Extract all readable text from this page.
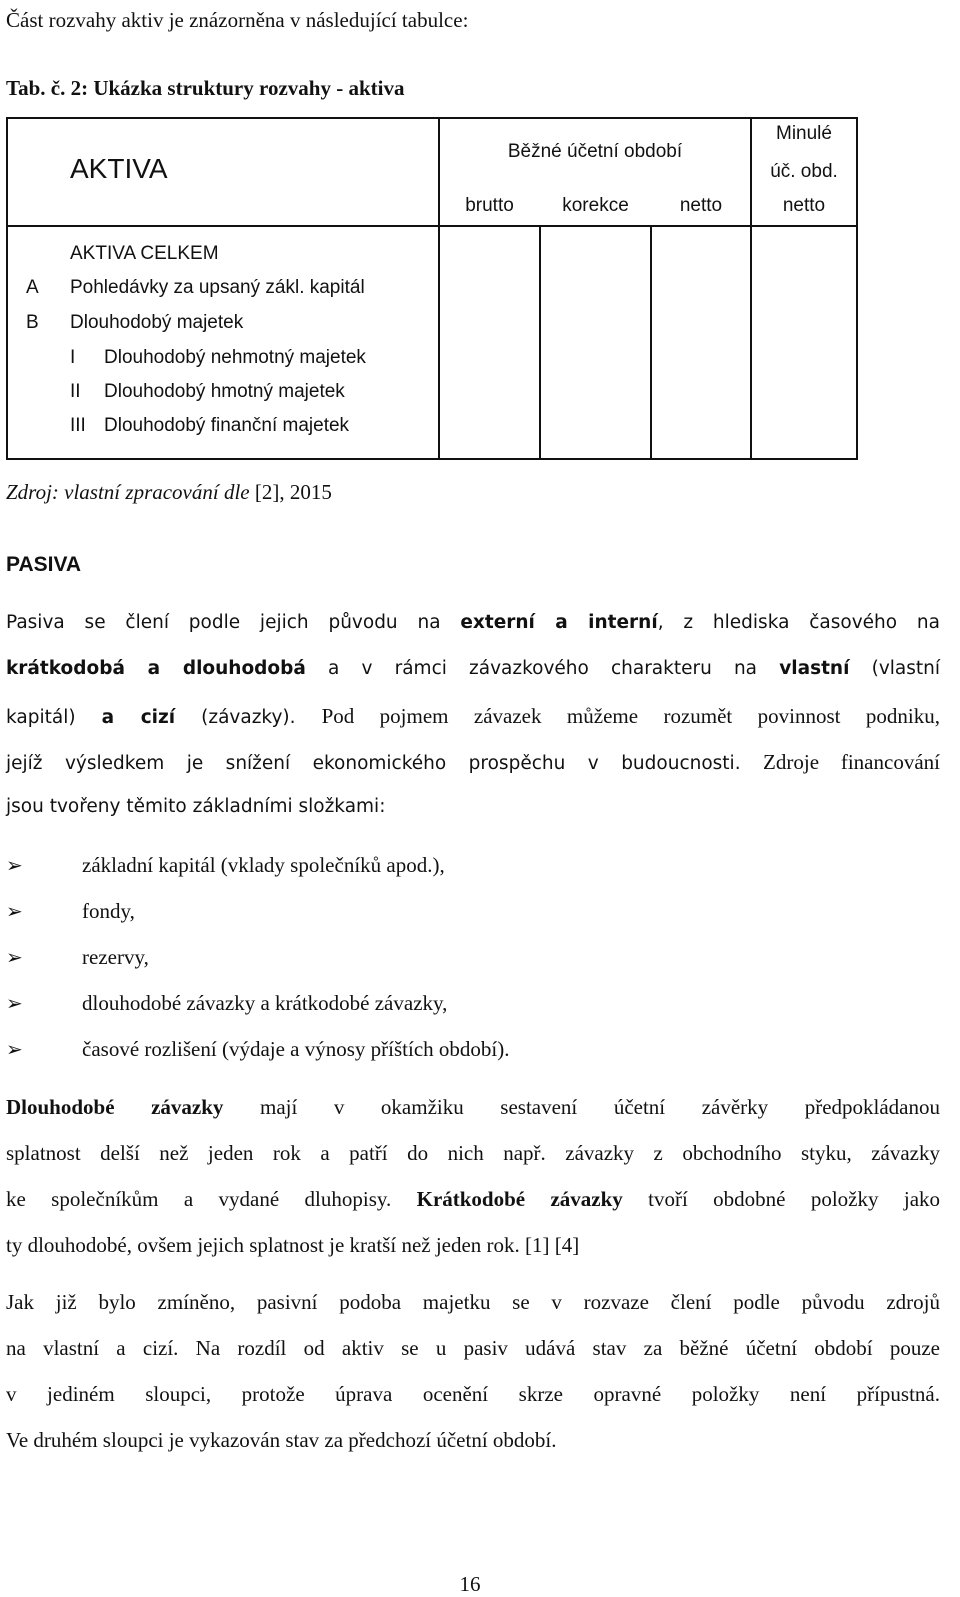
Část rozvahy aktiv je znázorněna v následující tabulce:
Tab. č. 2: Ukázka struktury rozvahy - aktiva
AKTIVA
Běžné účetní období
Minulé
úč. obd.
brutto	korekce	netto	netto
AKTIVA CELKEM
A Pohledávky za upsaný zákl. kapitál
B Dlouhodobý majetek
I Dlouhodobý nehmotný majetek
II Dlouhodobý hmotný majetek
III Dlouhodobý finanční majetek
Zdroj: vlastní zpracování dle [2], 2015
PASIVA
Pasiva se člení podle jejich původu na externí a interní, z hlediska časového na
krátkodobá a dlouhodobá a v rámci závazkového charakteru na vlastní (vlastní
kapitál) a cizí (závazky). Pod pojmem závazek můžeme rozumět povinnost podniku,
jejíž výsledkem je snížení ekonomického prospěchu v budoucnosti. Zdroje financování
jsou tvořeny těmito základními složkami:
➢	základní kapitál (vklady společníků apod.),
➢	fondy,
➢	rezervy,
➢	dlouhodobé závazky a krátkodobé závazky,
➢	časové rozlišení (výdaje a výnosy příštích období).
Dlouhodobé závazky mají v okamžiku sestavení účetní závěrky předpokládanou
splatnost delší než jeden rok a patří do nich např. závazky z obchodního styku, závazky
ke společníkům a vydané dluhopisy. Krátkodobé závazky tvoří obdobné položky jako
ty dlouhodobé, ovšem jejich splatnost je kratší než jeden rok. [1] [4]
Jak již bylo zmíněno, pasivní podoba majetku se v rozvaze člení podle původu zdrojů
na vlastní a cizí. Na rozdíl od aktiv se u pasiv udává stav za běžné účetní období pouze
v jediném sloupci, protože úprava ocenění skrze opravné položky není přípustná.
Ve druhém sloupci je vykazován stav za předchozí účetní období.
16
